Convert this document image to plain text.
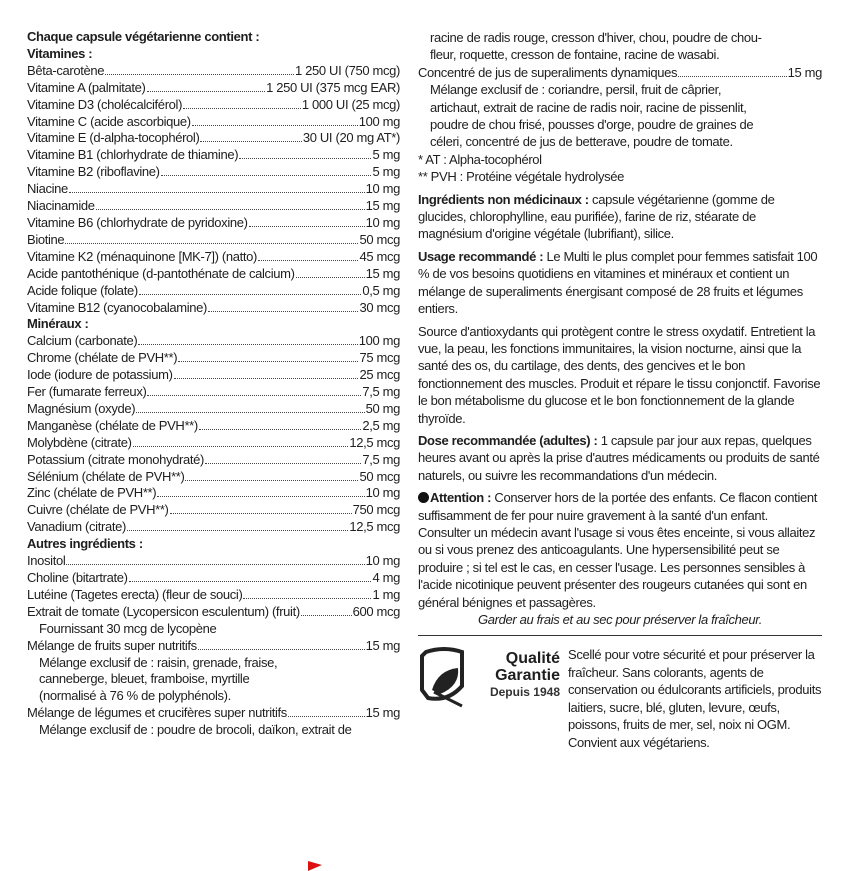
Chaque capsule végétarienne contient :
Vitamines :
Bêta-carotène	1 250 UI (750 mcg)
Vitamine A (palmitate)	1 250 UI (375 mcg EAR)
Vitamine D3 (cholécalciférol)	1 000 UI (25 mcg)
Vitamine C (acide ascorbique)	100 mg
Vitamine E (d-alpha-tocophérol)	30 UI (20 mg AT*)
Vitamine B1 (chlorhydrate de thiamine)	5 mg
Vitamine B2 (riboflavine)	5 mg
Niacine	10 mg
Niacinamide	15 mg
Vitamine B6 (chlorhydrate de pyridoxine)	10 mg
Biotine	50 mcg
Vitamine K2 (ménaquinone [MK-7]) (natto)	45 mcg
Acide pantothénique (d-pantothénate de calcium)	15 mg
Acide folique (folate)	0,5 mg
Vitamine B12 (cyanocobalamine)	30 mcg
Minéraux :
Calcium (carbonate)	100 mg
Chrome (chélate de PVH**)	75 mcg
Iode (iodure de potassium)	25 mcg
Fer (fumarate ferreux)	7,5 mg
Magnésium (oxyde)	50 mg
Manganèse (chélate de PVH**)	2,5 mg
Molybdène (citrate)	12,5 mcg
Potassium (citrate monohydraté)	7,5 mg
Sélénium (chélate de PVH**)	50 mcg
Zinc (chélate de PVH**)	10 mg
Cuivre (chélate de PVH**)	750 mcg
Vanadium (citrate)	12,5 mcg
Autres ingrédients :
Inositol	10 mg
Choline (bitartrate)	4 mg
Lutéine (Tagetes erecta) (fleur de souci)	1 mg
Extrait de tomate (Lycopersicon esculentum) (fruit)	600 mcg
Fournissant 30 mcg de lycopène
Mélange de fruits super nutritifs	15 mg
Mélange exclusif de : raisin, grenade, fraise,
canneberge, bleuet, framboise, myrtille
(normalisé à 76 % de polyphénols).
Mélange de légumes et crucifères super nutritifs	15 mg
Mélange exclusif de : poudre de brocoli, daïkon, extrait de
racine de radis rouge, cresson d'hiver, chou, poudre de chou-
fleur, roquette, cresson de fontaine, racine de wasabi.
Concentré de jus de superaliments dynamiques	15 mg
Mélange exclusif de : coriandre, persil, fruit de câprier,
artichaut, extrait de racine de radis noir, racine de pissenlit,
poudre de chou frisé, pousses d'orge, poudre de graines de
céleri, concentré de jus de betterave, poudre de tomate.
* AT : Alpha-tocophérol
** PVH : Protéine végétale hydrolysée
Ingrédients non médicinaux : capsule végétarienne (gomme de glucides, chlorophylline, eau purifiée), farine de riz, stéarate de magnésium d'origine végétale (lubrifiant), silice.
Usage recommandé : Le Multi le plus complet pour femmes satisfait 100 % de vos besoins quotidiens en vitamines et minéraux et contient un mélange de superaliments énergisant composé de 28 fruits et légumes entiers.
Source d'antioxydants qui protègent contre le stress oxydatif. Entretient la vue, la peau, les fonctions immunitaires, la vision nocturne, ainsi que la santé des os, du cartilage, des dents, des gencives et le bon fonctionnement des muscles. Produit et répare le tissu conjonctif. Favorise le bon métabolisme du glucose et le bon fonctionnement de la glande thyroïde.
Dose recommandée (adultes) : 1 capsule par jour aux repas, quelques heures avant ou après la prise d'autres médicaments ou produits de santé naturels, ou suivre les recommandations d'un médecin.
Attention : Conserver hors de la portée des enfants. Ce flacon contient suffisamment de fer pour nuire gravement à la santé d'un enfant. Consulter un médecin avant l'usage si vous êtes enceinte, si vous allaitez ou si vous prenez des anticoagulants. Une hypersensibilité peut se produire ; si tel est le cas, en cesser l'usage. Les personnes sensibles à l'acide nicotinique peuvent présenter des rougeurs cutanées qui sont en général bénignes et passagères.
Garder au frais et au sec pour préserver la fraîcheur.
Qualité
Garantie
Depuis 1948
Scellé pour votre sécurité et pour préserver la fraîcheur. Sans colorants, agents de conservation ou édulcorants artificiels, produits laitiers, sucre, blé, gluten, levure, œufs, poissons, fruits de mer, sel, noix ni OGM. Convient aux végétariens.
